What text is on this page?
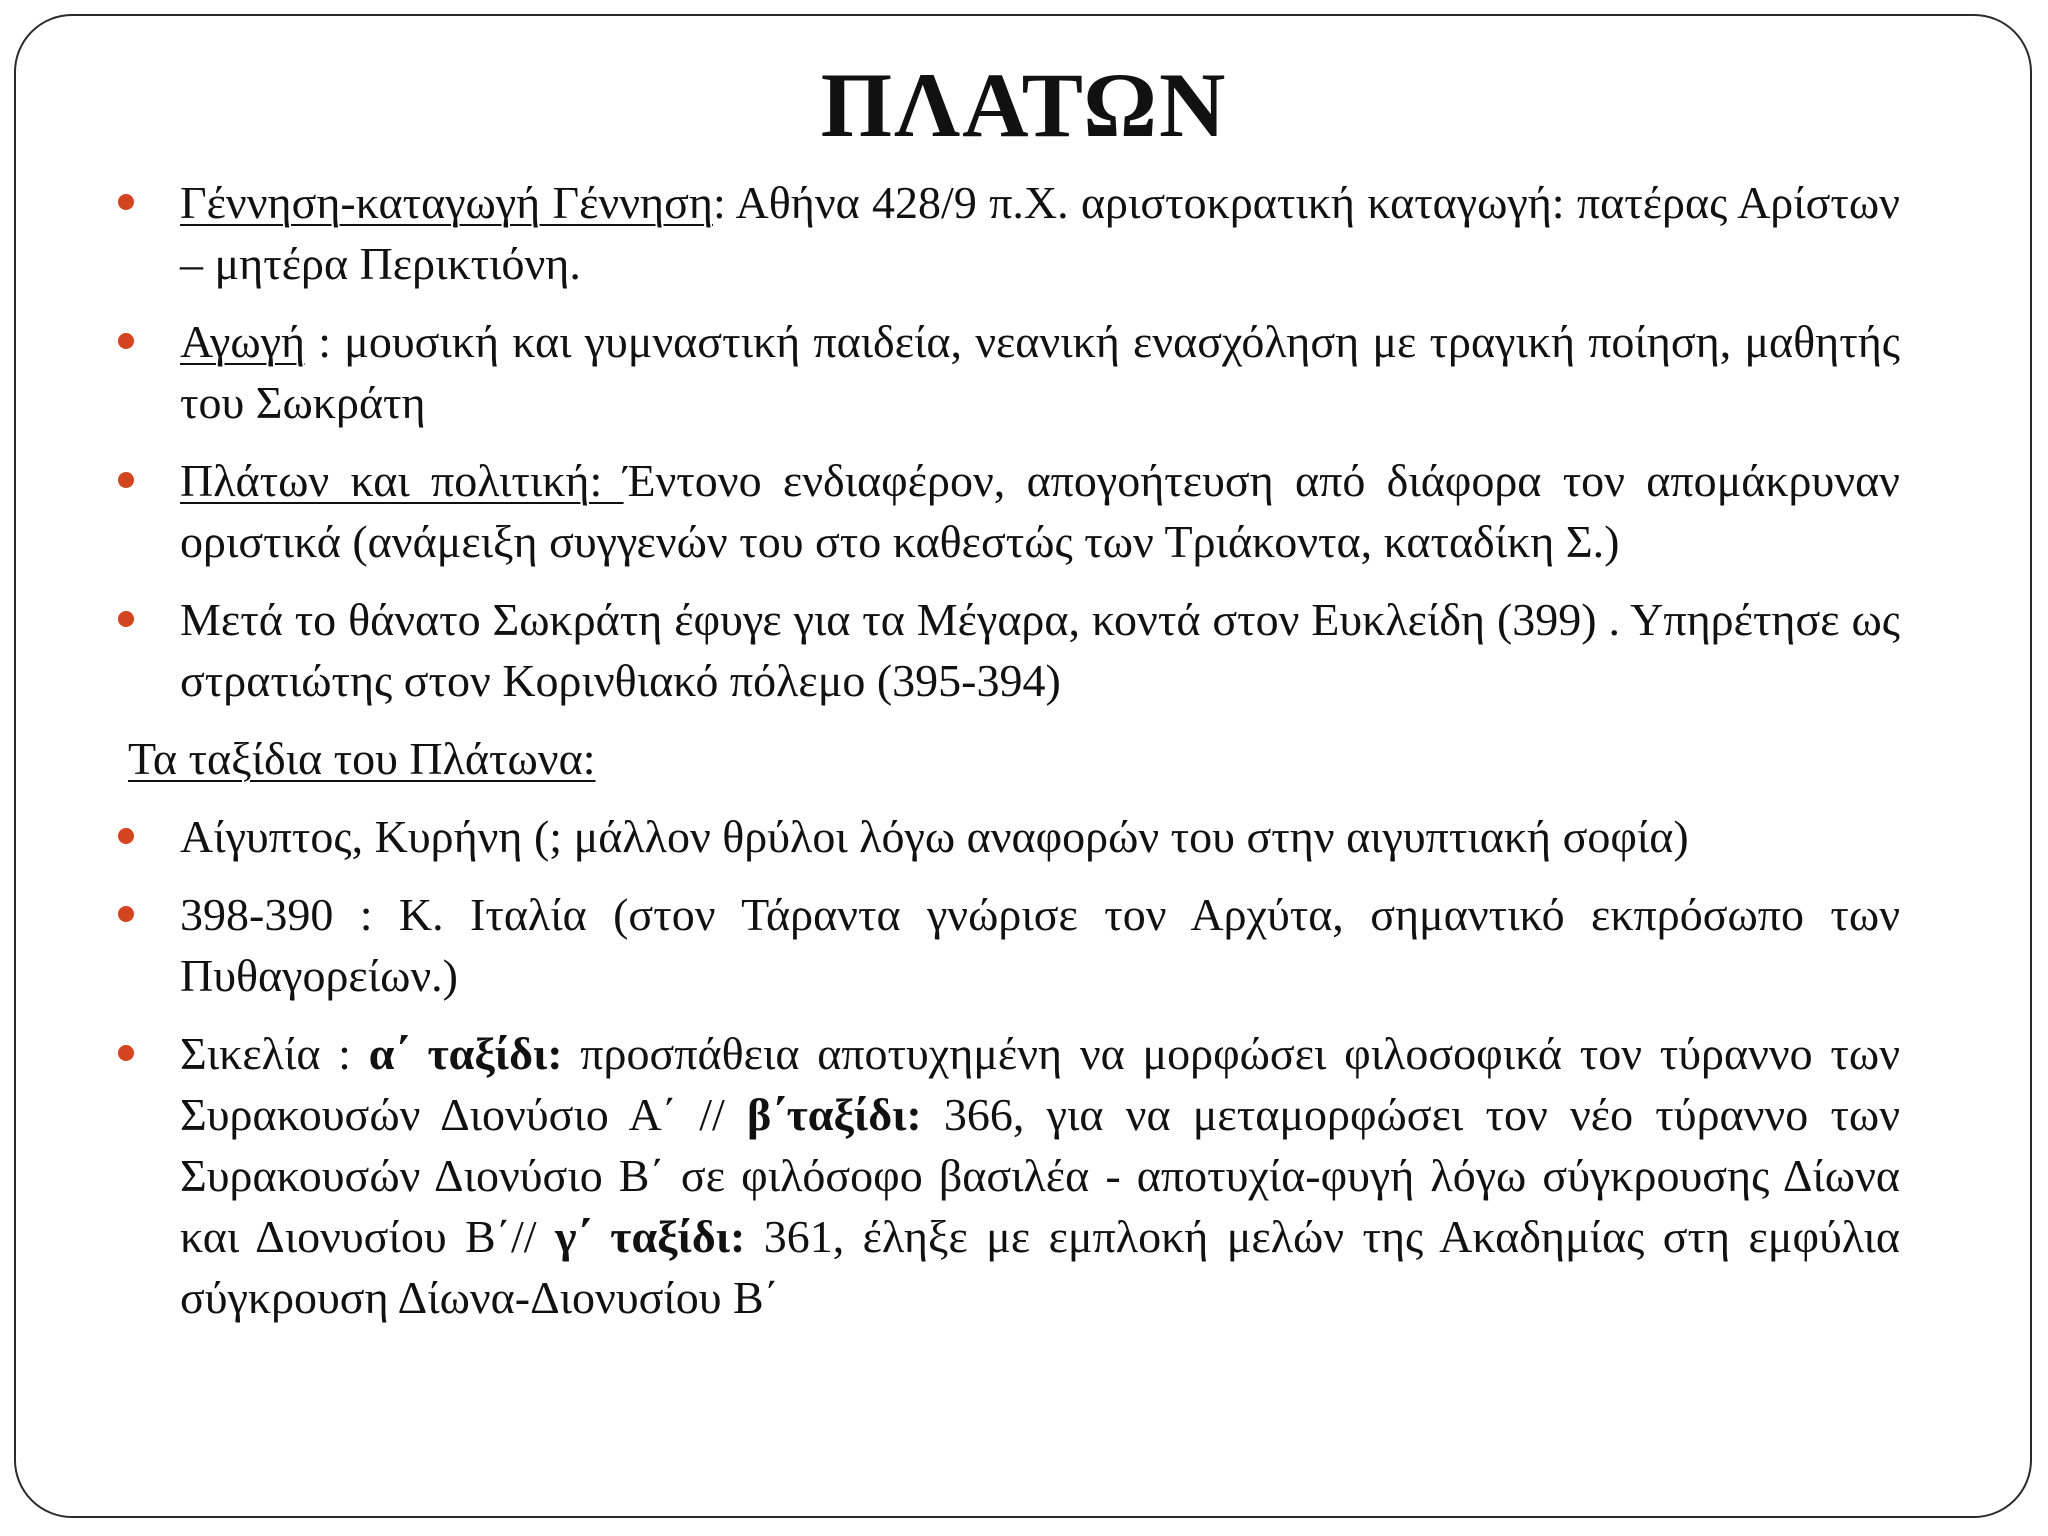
ΠΛΑΤΩΝ

Γέννηση-καταγωγή Γέννηση: Αθήνα 428/9 π.Χ. αριστοκρατική καταγωγή: πατέρας Αρίστων – μητέρα Περικτιόνη.

Αγωγή : μουσική και γυμναστική παιδεία, νεανική ενασχόληση με τραγική ποίηση, μαθητής του Σωκράτη

Πλάτων και πολιτική: Έντονο ενδιαφέρον, απογοήτευση από διάφορα τον απομάκρυναν οριστικά (ανάμειξη συγγενών του στο καθεστώς των Τριάκοντα, καταδίκη Σ.)

Μετά το θάνατο Σωκράτη έφυγε για τα Μέγαρα, κοντά στον Ευκλείδη (399) . Υπηρέτησε ως στρατιώτης στον Κορινθιακό πόλεμο (395-394)

Τα ταξίδια του Πλάτωνα:

Αίγυπτος, Κυρήνη (; μάλλον θρύλοι λόγω αναφορών του στην αιγυπτιακή σοφία)

398-390 : Κ. Ιταλία (στον Τάραντα γνώρισε τον Αρχύτα, σημαντικό εκπρόσωπο των Πυθαγορείων.)

Σικελία : α΄ ταξίδι: προσπάθεια αποτυχημένη να μορφώσει φιλοσοφικά τον τύραννο των Συρακουσών Διονύσιο Α΄ // β΄ταξίδι: 366, για να μεταμορφώσει τον νέο τύραννο των Συρακουσών Διονύσιο Β΄ σε φιλόσοφο βασιλέα - αποτυχία-φυγή λόγω σύγκρουσης Δίωνα και Διονυσίου Β΄// γ΄ ταξίδι: 361, έληξε με εμπλοκή μελών της Ακαδημίας στη εμφύλια σύγκρουση Δίωνα-Διονυσίου Β΄
